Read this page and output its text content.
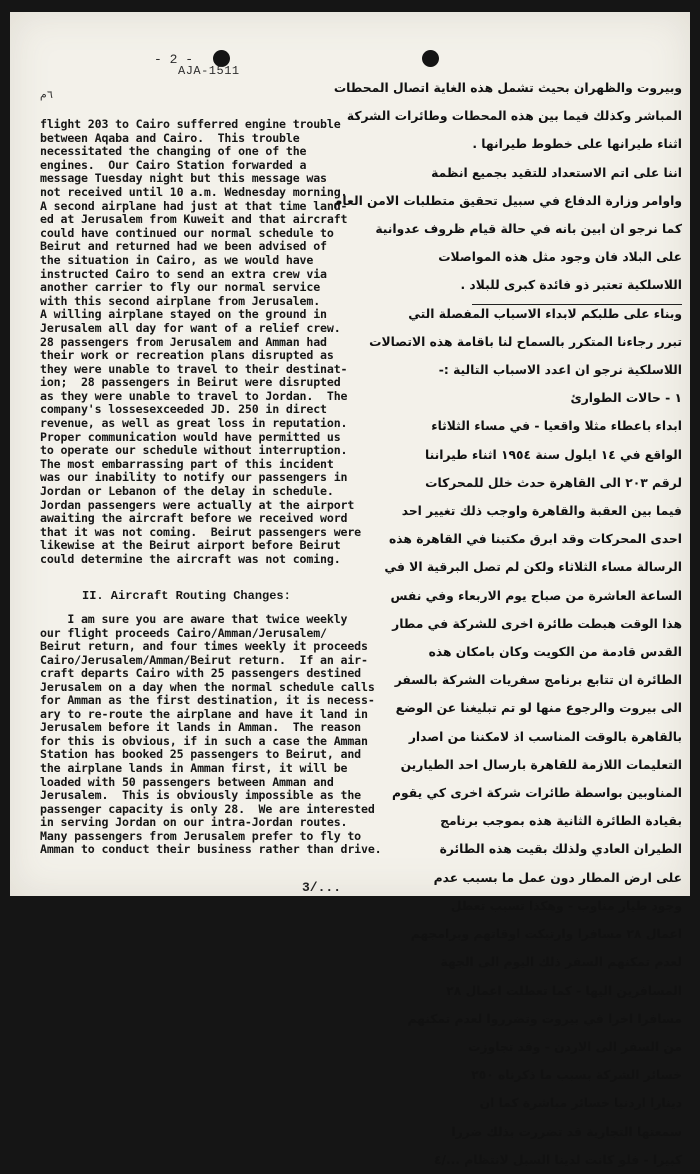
- 2 -
AJA-1511
٦م
flight 203 to Cairo sufferred engine trouble
between Aqaba and Cairo.  This trouble
necessitated the changing of one of the
engines.  Our Cairo Station forwarded a
message Tuesday night but this message was
not received until 10 a.m. Wednesday morning.
A second airplane had just at that time land-
ed at Jerusalem from Kuweit and that aircraft
could have continued our normal schedule to
Beirut and returned had we been advised of
the situation in Cairo, as we would have
instructed Cairo to send an extra crew via
another carrier to fly our normal service
with this second airplane from Jerusalem.
A willing airplane stayed on the ground in
Jerusalem all day for want of a relief crew.
28 passengers from Jerusalem and Amman had
their work or recreation plans disrupted as
they were unable to travel to their destinat-
ion;  28 passengers in Beirut were disrupted
as they were unable to travel to Jordan.  The
company's lossesexceeded JD. 250 in direct
revenue, as well as great loss in reputation.
Proper communication would have permitted us
to operate our schedule without interruption.
The most embarrassing part of this incident
was our inability to notify our passengers in
Jordan or Lebanon of the delay in schedule.
Jordan passengers were actually at the airport
awaiting the aircraft before we received word
that it was not coming.  Beirut passengers were
likewise at the Beirut airport before Beirut
could determine the aircraft was not coming.

II. Aircraft Routing Changes:
I am sure you are aware that twice weekly
our flight proceeds Cairo/Amman/Jerusalem/
Beirut return, and four times weekly it proceeds
Cairo/Jerusalem/Amman/Beirut return.  If an air-
craft departs Cairo with 25 passengers destined
Jerusalem on a day when the normal schedule calls
for Amman as the first destination, it is necess-
ary to re-route the airplane and have it land in
Jerusalem before it lands in Amman.  The reason
for this is obvious, if in such a case the Amman
Station has booked 25 passengers to Beirut, and
the airplane lands in Amman first, it will be
loaded with 50 passengers between Amman and
Jerusalem.  This is obviously impossible as the
passenger capacity is only 28.  We are interested
in serving Jordan on our intra-Jordan routes.
Many passengers from Jerusalem prefer to fly to
Amman to conduct their business rather than drive.

3/...
وبيروت والظهران بحيث تشمل هذه الغاية اتصال المحطات
المباشر وكذلك فيما بين هذه المحطات وطائرات الشركة
اثناء طيرانها على خطوط طيرانها .
اننا على اتم الاستعداد للتقيد بجميع انظمة
واوامر وزارة الدفاع في سبيل تحقيق متطلبات الامن العام
كما نرجو ان ابين بانه في حالة قيام ظروف عدوانية
على البلاد فان وجود مثل هذه المواصلات
اللاسلكية تعتبر ذو فائدة كبرى للبلاد .
وبناء على طلبكم لابداء الاسباب المفصلة التي
تبرر رجاءنا المتكرر بالسماح لنا باقامة هذه الاتصالات
اللاسلكية نرجو ان اعدد الاسباب التالية :-
١ - حالات الطوارئ
ابداء باعطاء مثلا واقعيا - في مساء الثلاثاء
الواقع في ١٤ ايلول سنة ١٩٥٤ اثناء طيراننا
لرقم ٢٠٣ الى القاهرة حدث خلل للمحركات
فيما بين العقبة والقاهرة واوجب ذلك تغيير احد
احدى المحركات وقد ابرق مكتبنا في القاهرة هذه
الرسالة مساء الثلاثاء ولكن لم تصل البرقية الا في
الساعة العاشرة من صباح يوم الاربعاء وفي نفس
هذا الوقت هبطت طائرة اخرى للشركة في مطار
القدس قادمة من الكويت وكان بامكان هذه
الطائرة ان تتابع برنامج سفريات الشركة بالسفر
الى بيروت والرجوع منها لو تم تبليغنا عن الوضع
بالقاهرة بالوقت المناسب اذ لامكننا من اصدار
التعليمات اللازمة للقاهرة بارسال احد الطيارين
المناوبين بواسطة طائرات شركة اخرى كي يقوم
بقيادة الطائرة الثانية هذه بموجب برنامج
الطيران العادي ولذلك بقيت هذه الطائرة
على ارض المطار دون عمل ما بسبب عدم
وجود طيار مناوب - وهكذا تسبب تعطل
اعمال ٢٨ مسافرا وارتبكت اوقاتهم وبرامجهم
لعدم تمكنهم السفر ذلك اليوم الى الجهة
المسافرين اليها - كما تعطلت اعمال ٢٨
مسافرا اخرا في بيروت وتضرروا لعدم تمكنهم
من السفر الى الاردن - وقد تجاوزت
خسائر الشركة بسبب ما ذكرناه ٢٥٠
دينارا اردنيا خسائر مباشرة كما ان
سمعتها التجارية قد تضررت بذلك ضررا
كبيرا - فلو كانت لدينا السبل لانتظام .../٤
